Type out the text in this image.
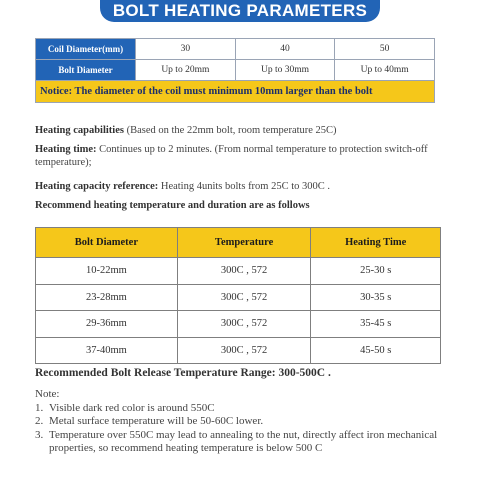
BOLT HEATING PARAMETERS
Coil Diameter(mm)	30	40	50
Bolt Diameter	Up to 20mm	Up to 30mm	Up to 40mm
Notice: The diameter of the coil must minimum 10mm larger than the bolt			
Heating capabilities (Based on the 22mm bolt, room temperature 25C)
Heating time: Continues up to 2 minutes. (From normal temperature to protection switch-off temperature);
Heating capacity reference: Heating 4units bolts from 25C to 300C .
Recommend heating temperature and duration are as follows
Bolt Diameter	Temperature	Heating Time
10-22mm	300C , 572	25-30 s
23-28mm	300C , 572	30-35 s
29-36mm	300C , 572	35-45 s
37-40mm	300C , 572	45-50 s
Recommended Bolt Release Temperature Range: 300-500C .
Note:
1. Visible dark red color is around 550C
2. Metal surface temperature will be 50-60C lower.
3. Temperature over 550C may lead to annealing to the nut, directly affect iron mechanical properties, so recommend heating temperature is below 500 C
